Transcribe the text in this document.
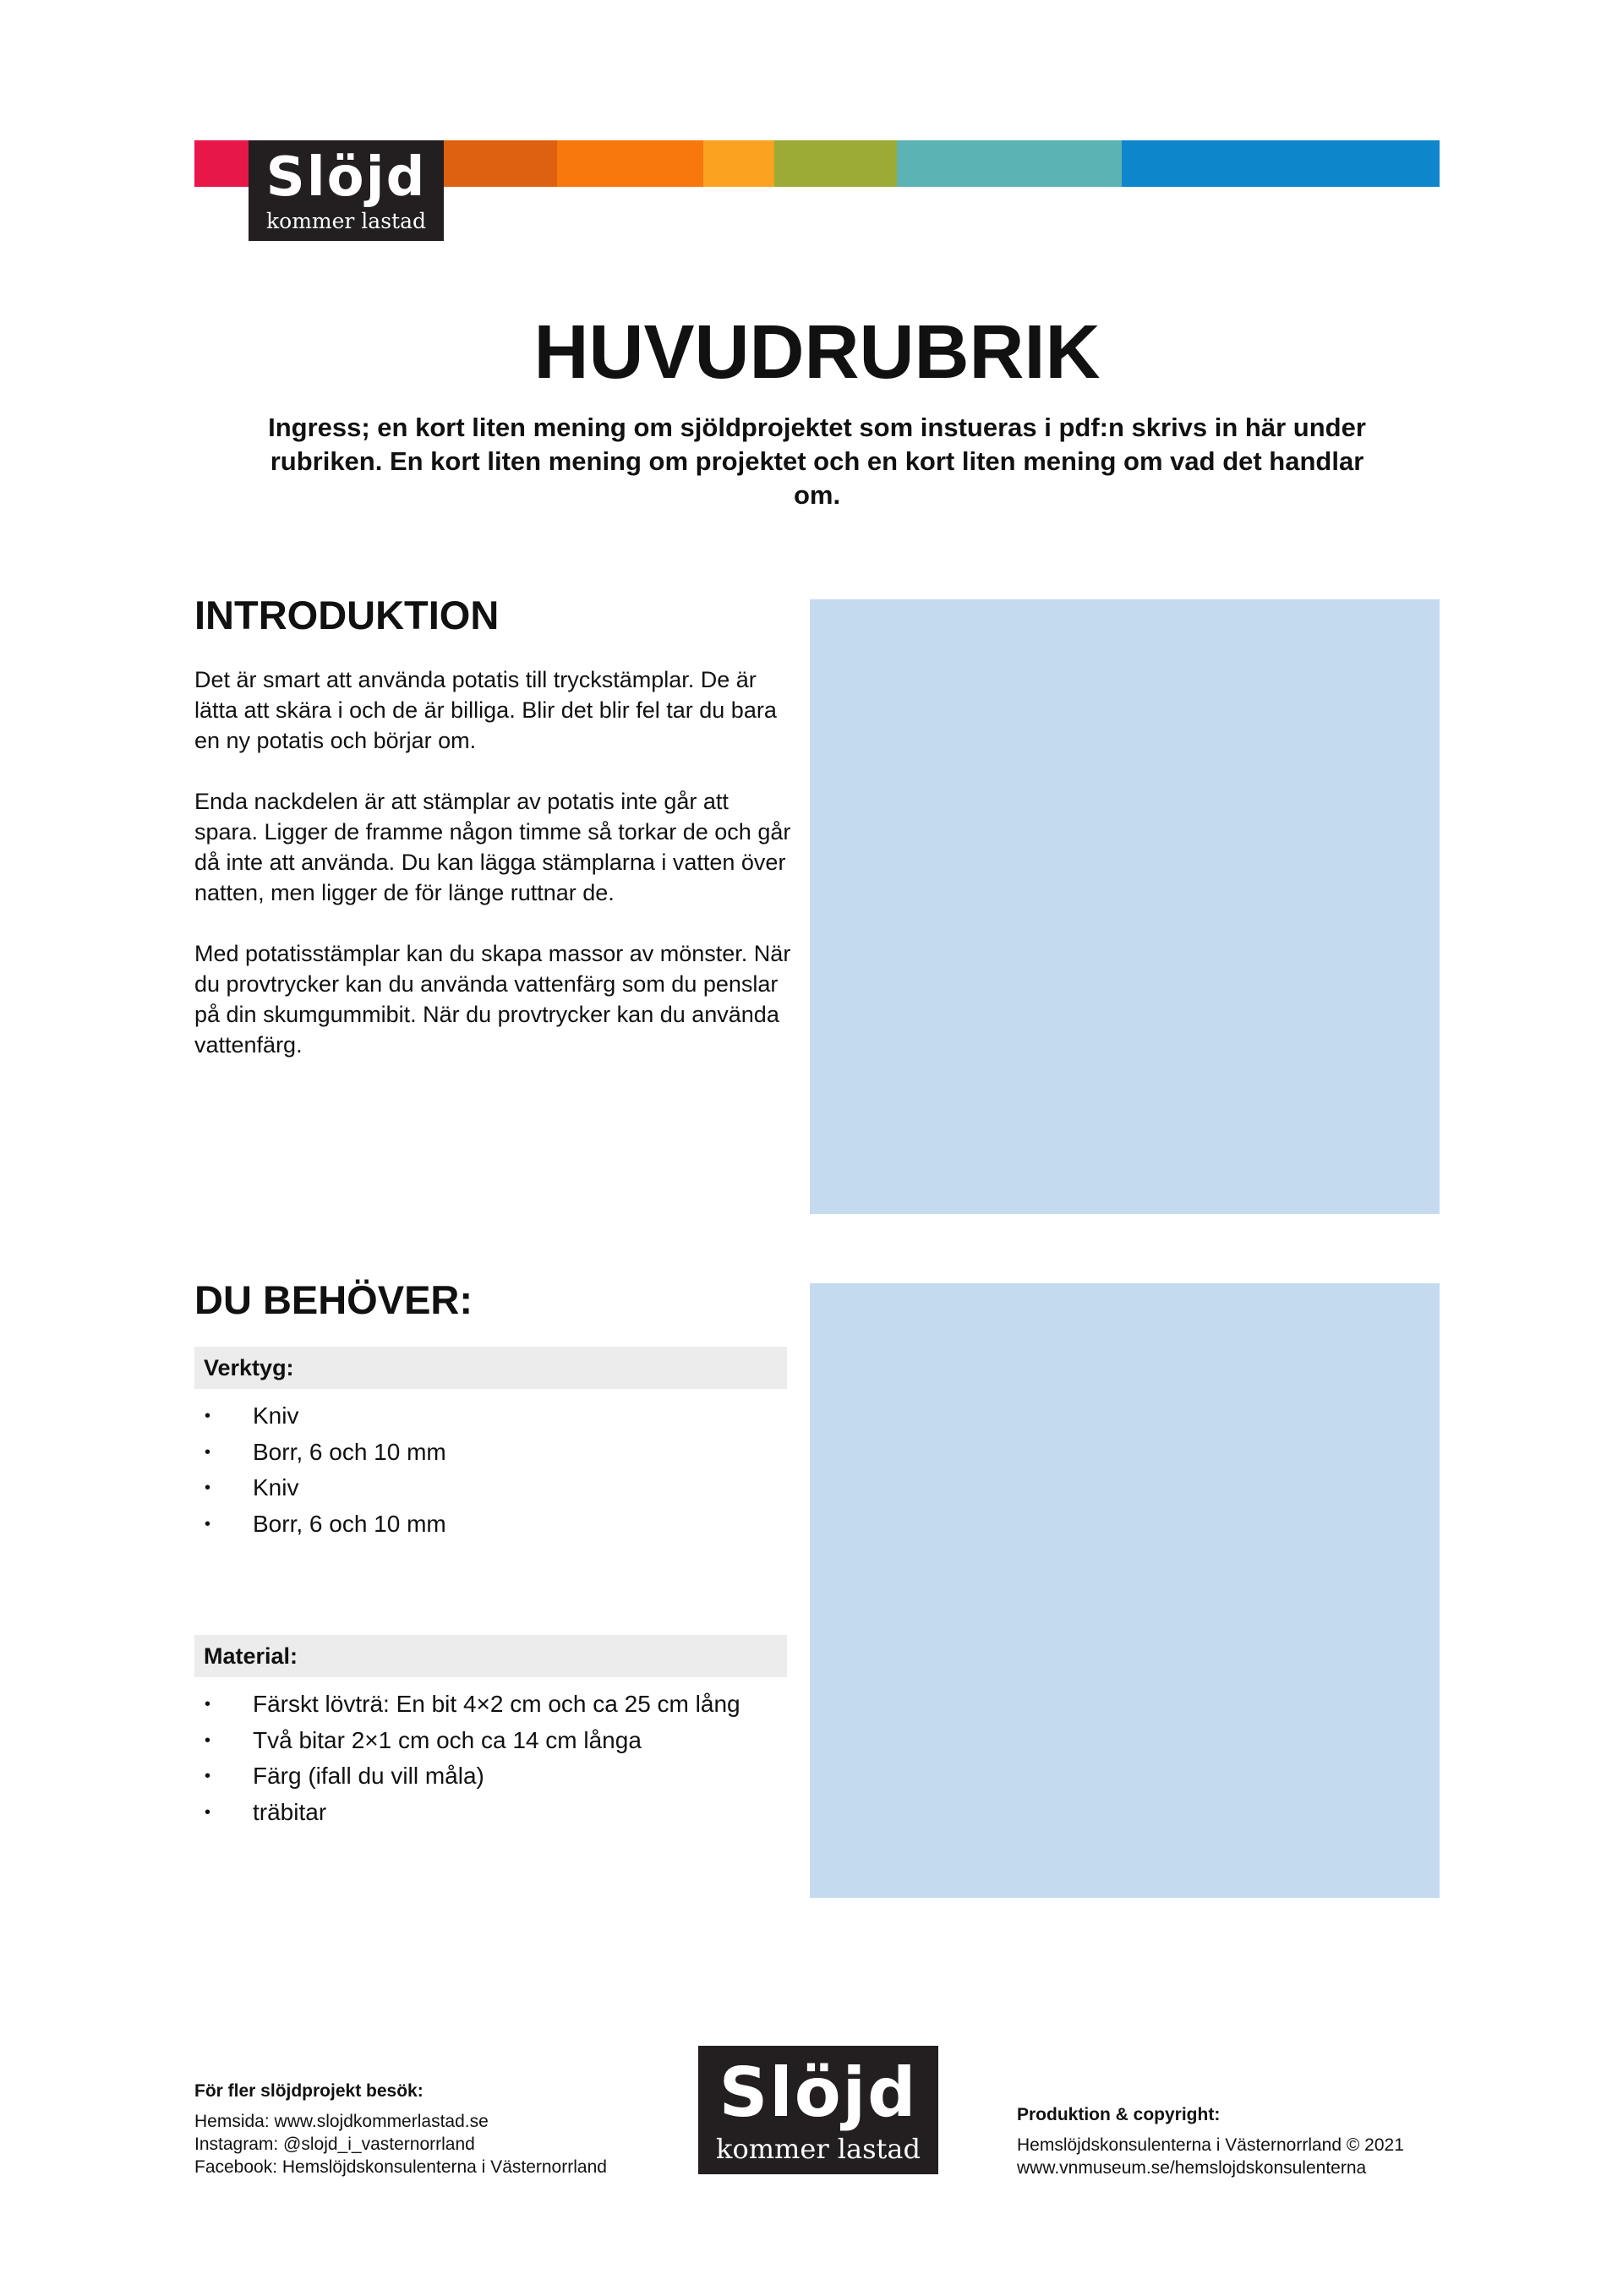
Slöjd
kommer lastad
HUVUDRUBRIK

Ingress; en kort liten mening om sjöldprojektet som instueras i pdf:n skrivs in här under rubriken. En kort liten mening om projektet och en kort liten mening om vad det handlar om.

INTRODUKTION

Det är smart att använda potatis till tryckstämplar. De är lätta att skära i och de är billiga. Blir det blir fel tar du bara en ny potatis och börjar om.

Enda nackdelen är att stämplar av potatis inte går att spara. Ligger de framme någon timme så torkar de och går då inte att använda. Du kan lägga stämplarna i vatten över natten, men ligger de för länge ruttnar de.

Med potatisstämplar kan du skapa massor av mönster. När du provtrycker kan du använda vattenfärg som du penslar på din skumgummibit. När du provtrycker kan du använda vattenfärg.

DU BEHÖVER:
Verktyg:
• Kniv
• Borr, 6 och 10 mm
• Kniv
• Borr, 6 och 10 mm
Material:
• Färskt lövträ: En bit 4×2 cm och ca 25 cm lång
• Två bitar 2×1 cm och ca 14 cm långa
• Färg (ifall du vill måla)
• träbitar
För fler slöjdprojekt besök:
Hemsida: www.slojdkommerlastad.se
Instagram: @slojd_i_vasternorrland
Facebook: Hemslöjdskonsulenterna i Västernorrland
Slöjd
kommer lastad
Produktion & copyright:
Hemslöjdskonsulenterna i Västernorrland © 2021
www.vnmuseum.se/hemslojdskonsulenterna
